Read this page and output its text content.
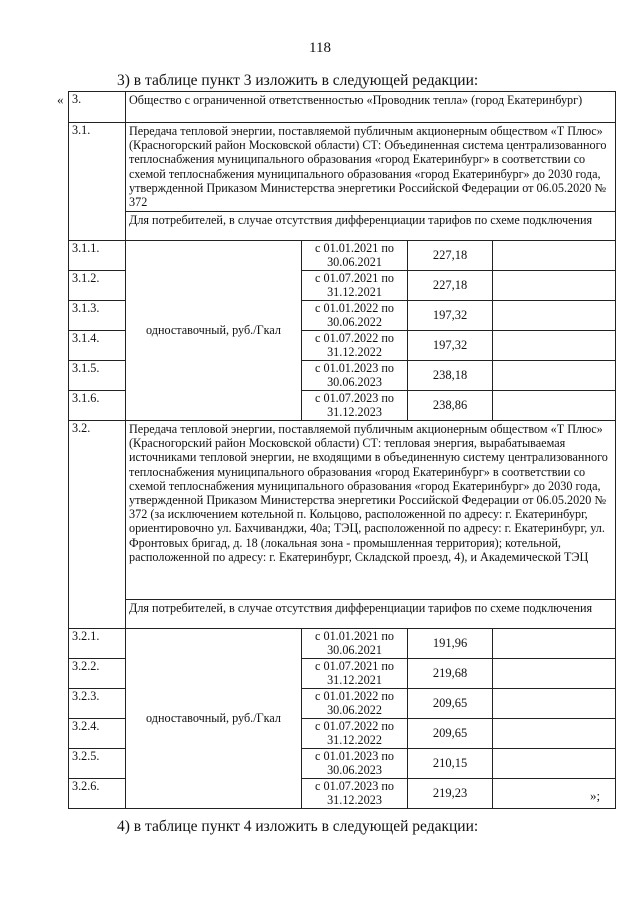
118
3) в таблице пункт 3 изложить в следующей редакции:
« 3.	Общество с ограниченной ответственностью «Проводник тепла» (город Екатеринбург)			
3.1.	Передача тепловой энергии, поставляемой публичным акционерным обществом «Т Плюс» (Красногорский район Московской области) СТ: Объединенная система централизованного теплоснабжения муниципального образования «город Екатеринбург» в соответствии со схемой теплоснабжения муниципального образования «город Екатеринбург» до 2030 года, утвержденной Приказом Министерства энергетики Российской Федерации от 06.05.2020 № 372			
	Для потребителей, в случае отсутствия дифференциации тарифов по схеме подключения			
3.1.1.	одноставочный, руб./Гкал	с 01.01.2021 по 30.06.2021	227,18	
3.1.2.		с 01.07.2021 по 31.12.2021	227,18	
3.1.3.		с 01.01.2022 по 30.06.2022	197,32	
3.1.4.		с 01.07.2022 по 31.12.2022	197,32	
3.1.5.		с 01.01.2023 по 30.06.2023	238,18	
3.1.6.		с 01.07.2023 по 31.12.2023	238,86	
3.2.	Передача тепловой энергии, поставляемой публичным акционерным обществом «Т Плюс» (Красногорский район Московской области) СТ: тепловая энергия, вырабатываемая источниками тепловой энергии, не входящими в объединенную систему централизованного теплоснабжения муниципального образования «город Екатеринбург» в соответствии со схемой теплоснабжения муниципального образования «город Екатеринбург» до 2030 года, утвержденной Приказом Министерства энергетики Российской Федерации от 06.05.2020 № 372 (за исключением котельной п. Кольцово, расположенной по адресу: г. Екатеринбург, ориентировочно ул. Бахчиванджи, 40а; ТЭЦ, расположенной по адресу: г. Екатеринбург, ул. Фронтовых бригад, д. 18 (локальная зона - промышленная территория); котельной, расположенной по адресу: г. Екатеринбург, Складской проезд, 4), и Академической ТЭЦ			
	Для потребителей, в случае отсутствия дифференциации тарифов по схеме подключения			
3.2.1.	одноставочный, руб./Гкал	с 01.01.2021 по 30.06.2021	191,96	
3.2.2.		с 01.07.2021 по 31.12.2021	219,68	
3.2.3.		с 01.01.2022 по 30.06.2022	209,65	
3.2.4.		с 01.07.2022 по 31.12.2022	209,65	
3.2.5.		с 01.01.2023 по 30.06.2023	210,15	
3.2.6.		с 01.07.2023 по 31.12.2023	219,23		»;
4) в таблице пункт 4 изложить в следующей редакции:
